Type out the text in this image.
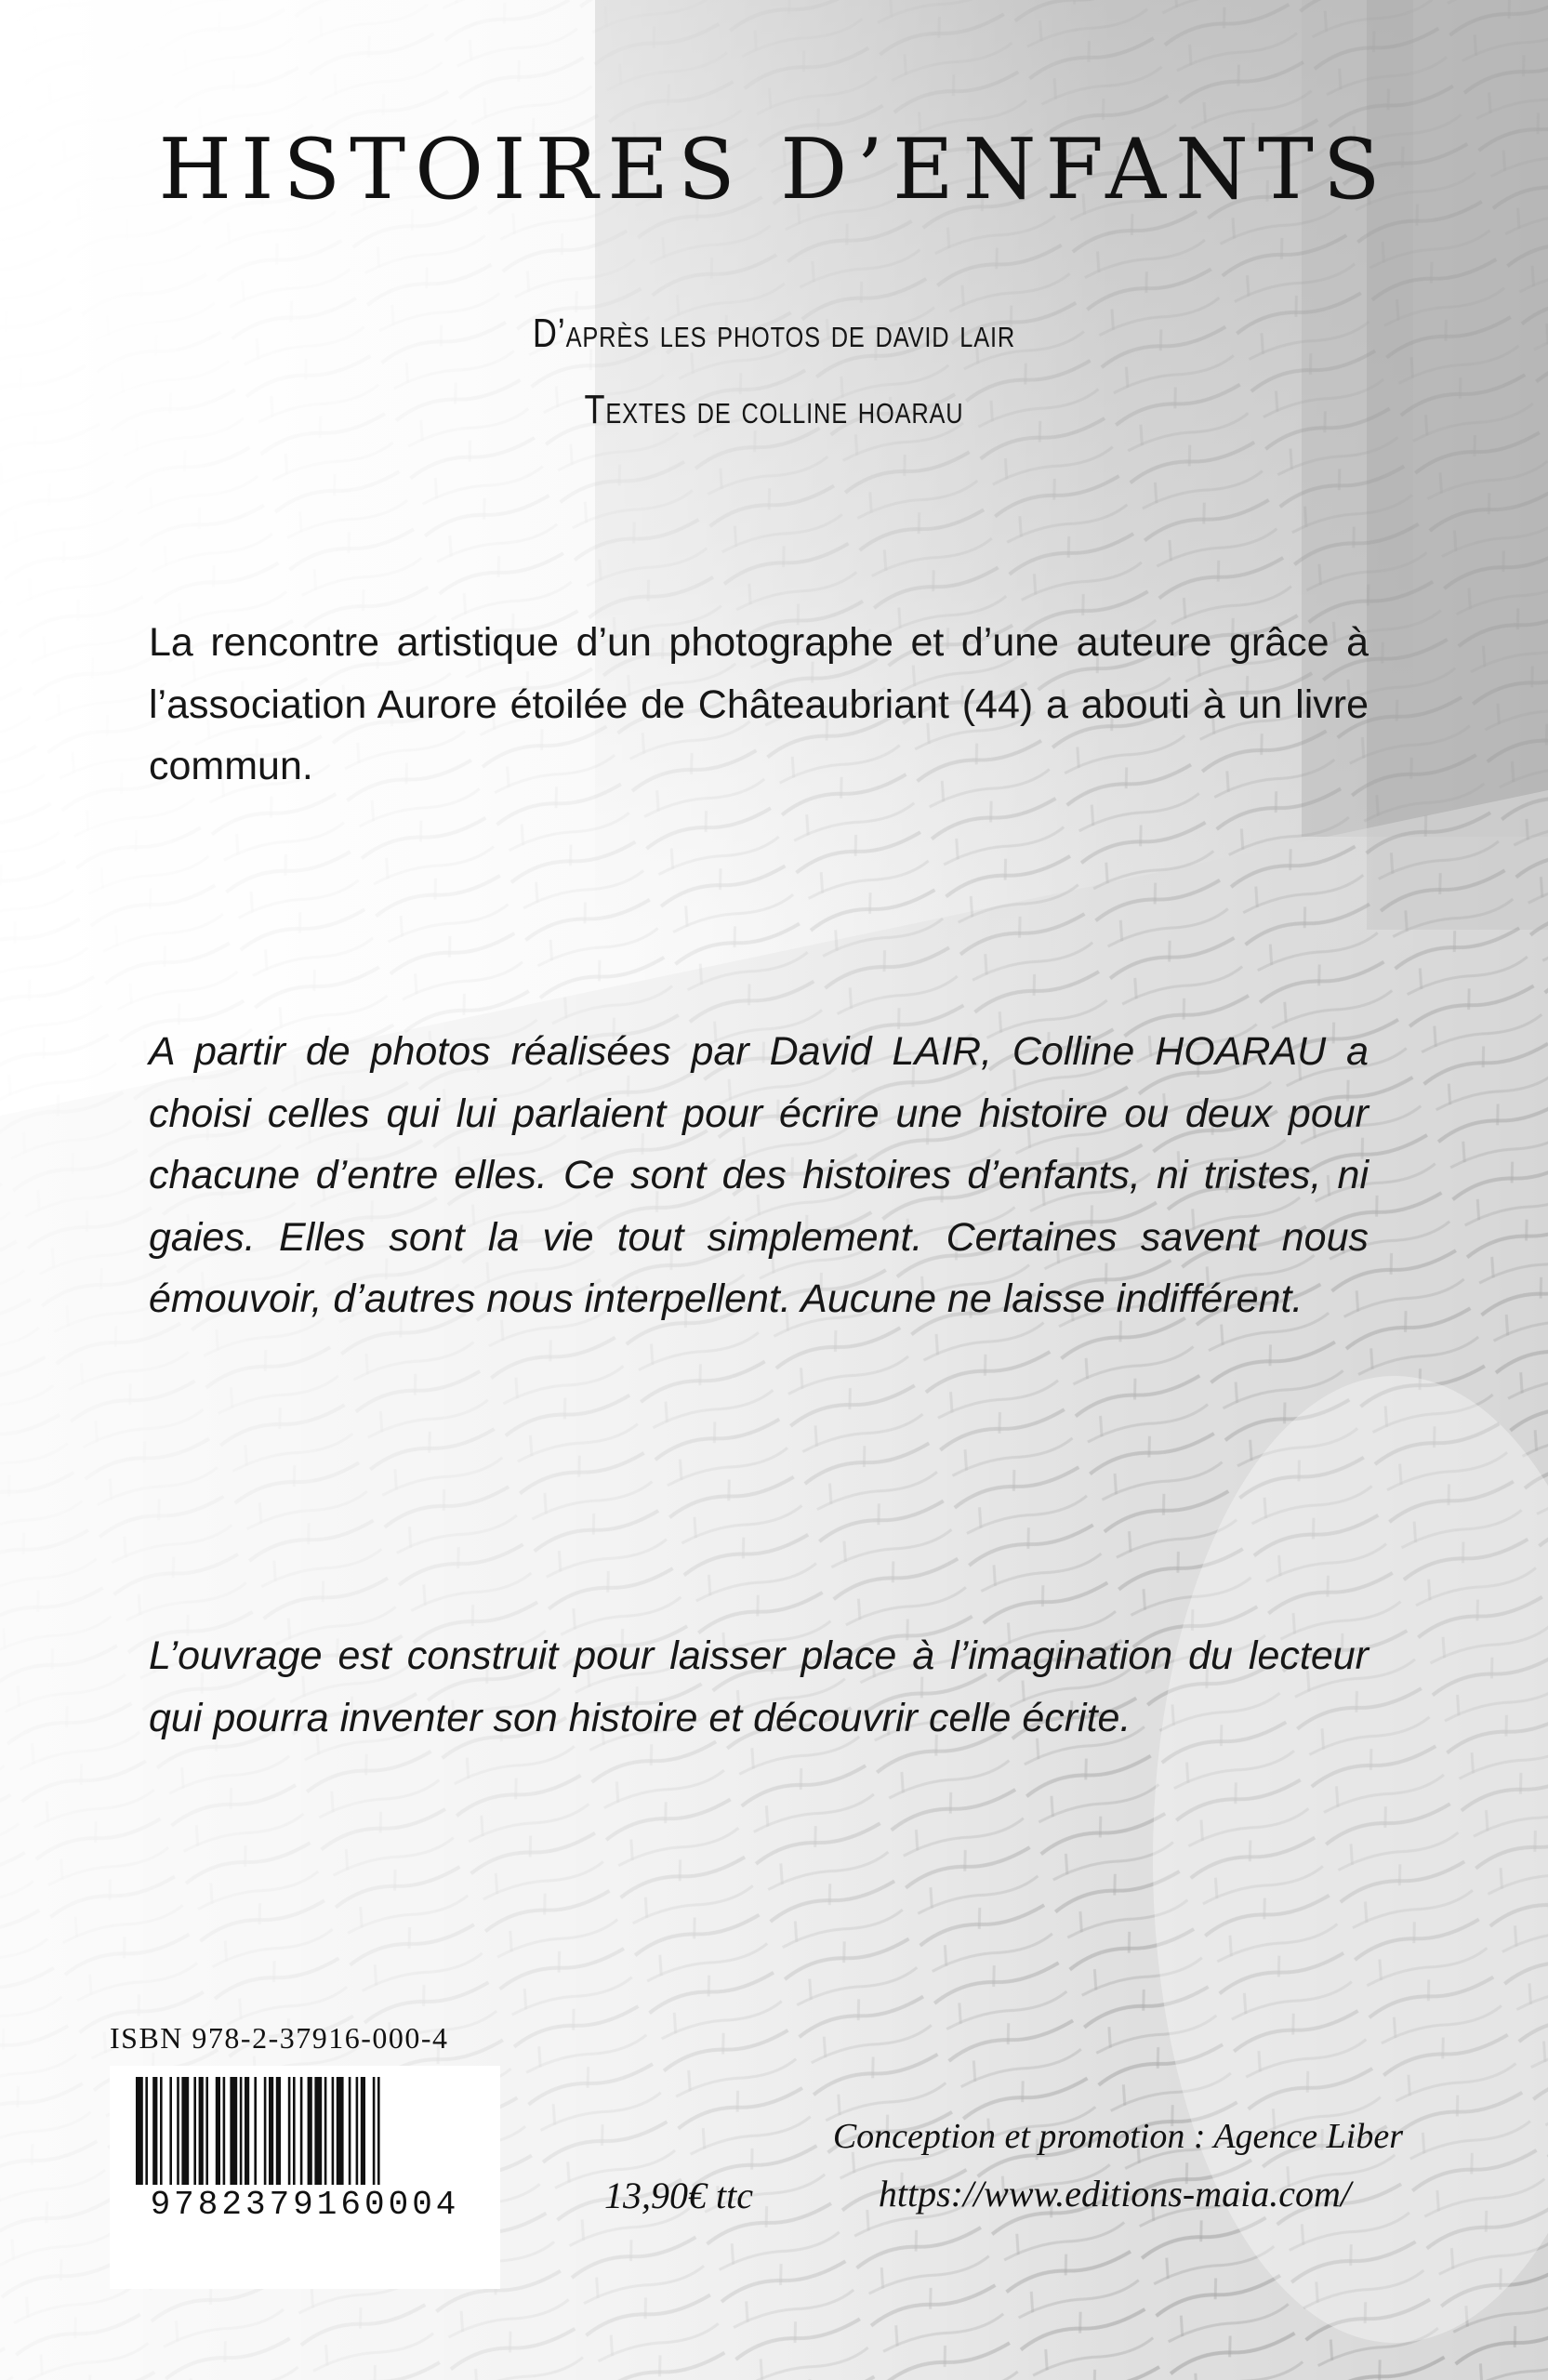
HISTOIRES D’ENFANTS
D’après les photos de david lair
Textes de colline hoarau

La rencontre artistique d’un photographe et d’une auteure grâce à l’association Aurore étoilée de Châteaubriant (44) a abouti à un livre commun.

A partir de photos réalisées par David LAIR, Colline HOARAU a choisi celles qui lui parlaient pour écrire une histoire ou deux pour chacune d’entre elles. Ce sont des histoires d’enfants, ni tristes, ni gaies. Elles sont la vie tout simplement. Certaines savent nous émouvoir, d’autres nous interpellent. Aucune ne laisse indifférent.

L’ouvrage est construit pour laisser place à l’imagination du lecteur qui pourra inventer son histoire et découvrir celle écrite.

ISBN 978-2-37916-000-4
9782379160004	13,90€ ttc
Conception et promotion : Agence Liber
https://www.editions-maia.com/
